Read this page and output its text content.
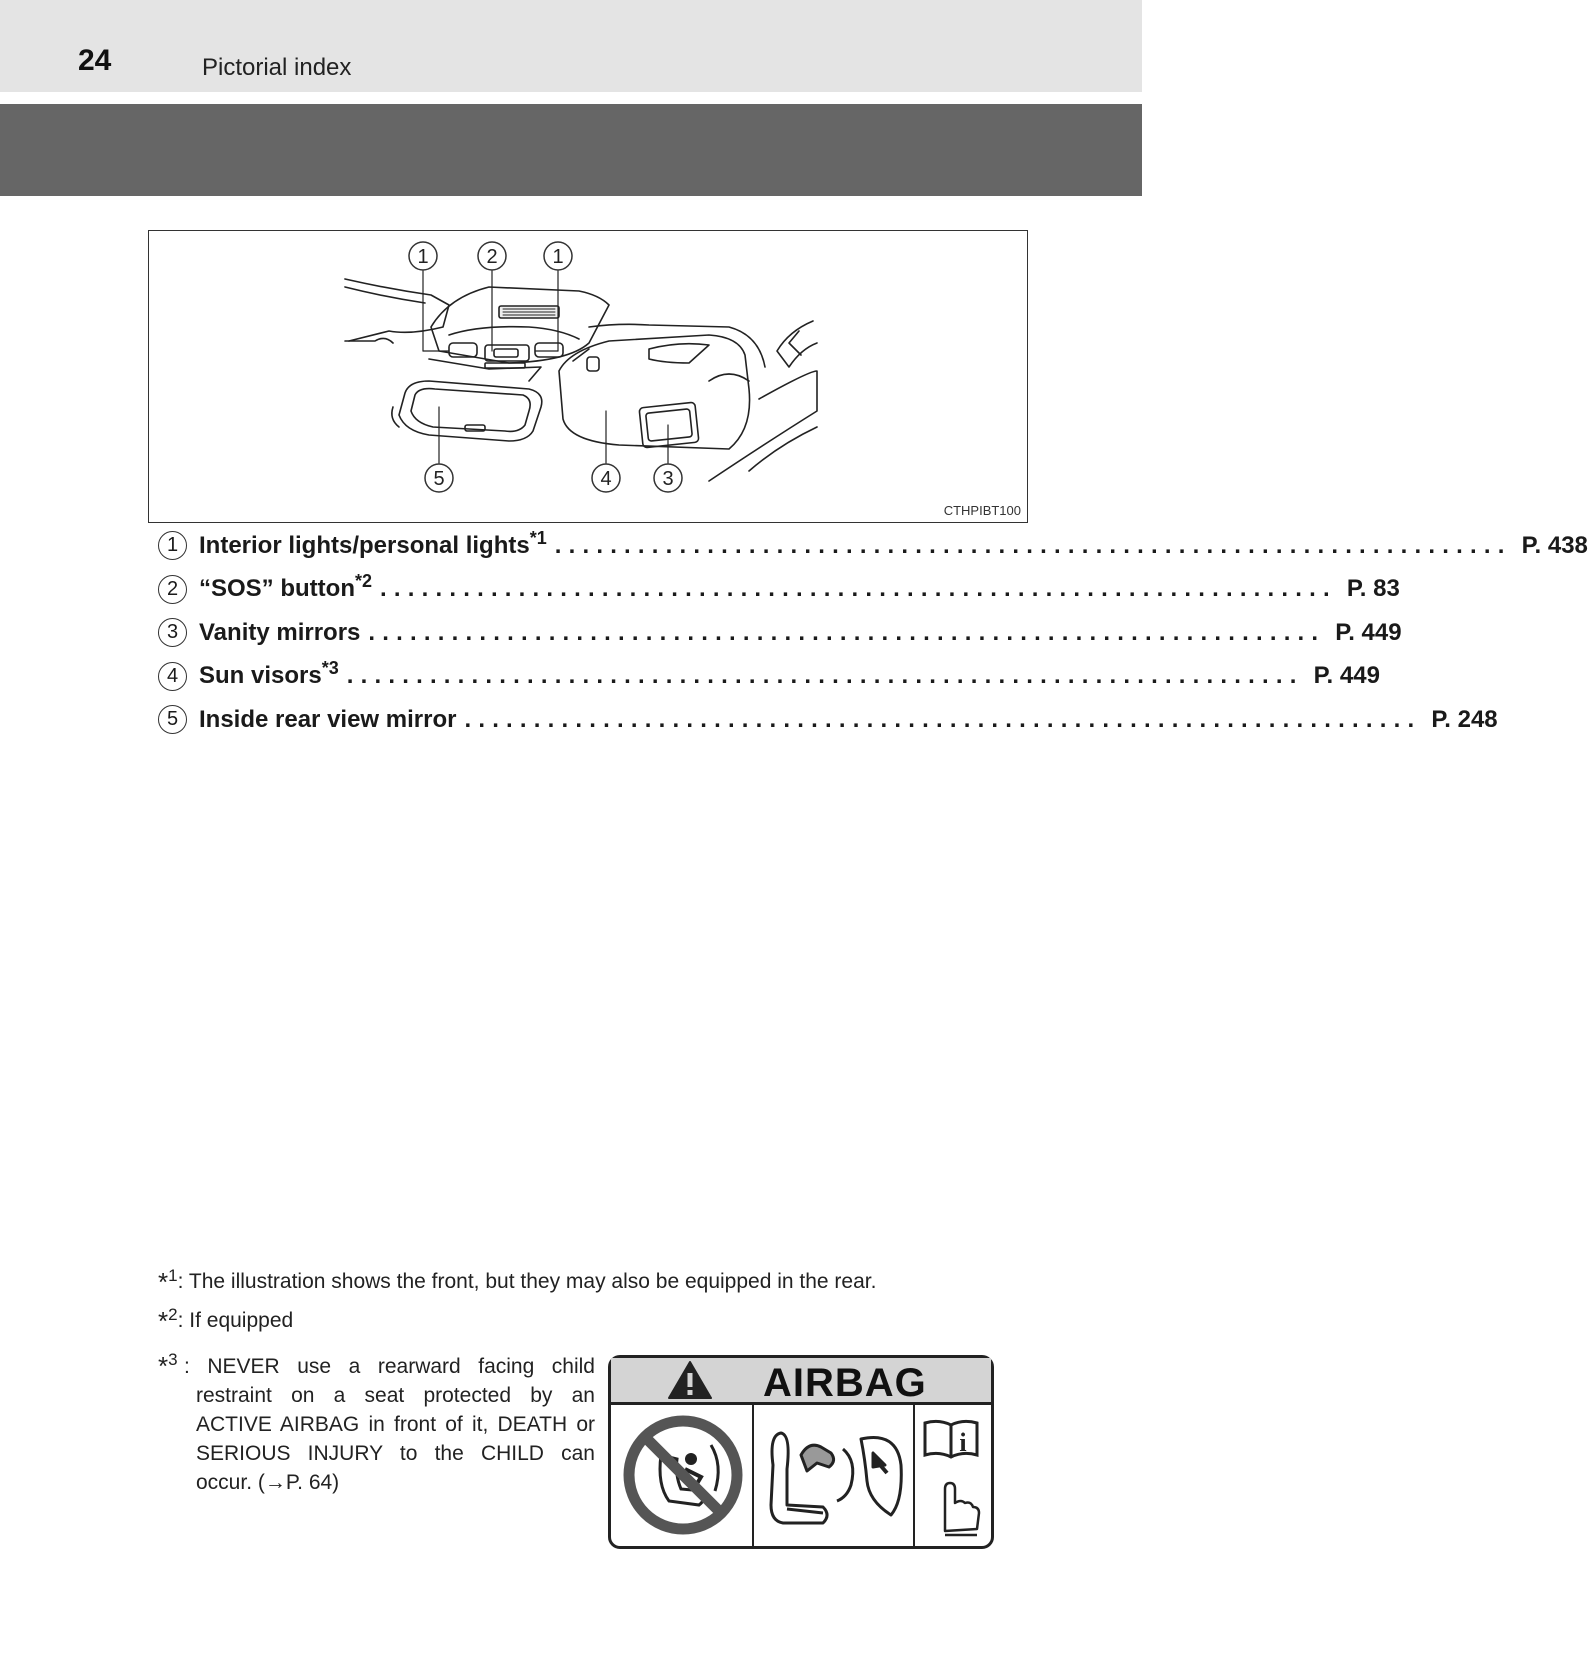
24	Pictorial index
1	2	1
5	4	3
CTHPIBT100
1 Interior lights/personal lights$^{*1}$ ..................................................................... P. 438
2 “SOS” button$^{*2}$ ..................................................................... P. 83
3 Vanity mirrors ..................................................................... P. 449
4 Sun visors$^{*3}$ ..................................................................... P. 449
5 Inside rear view mirror ..................................................................... P. 248
*$^1$: The illustration shows the front, but they may also be equipped in the rear.
*$^2$: If equipped
*$^3$ : NEVER use a rearward facing child restraint on a seat protected by an ACTIVE AIRBAG in front of it, DEATH or SERIOUS INJURY to the CHILD can occur. (→P. 64)
AIRBAG
i
